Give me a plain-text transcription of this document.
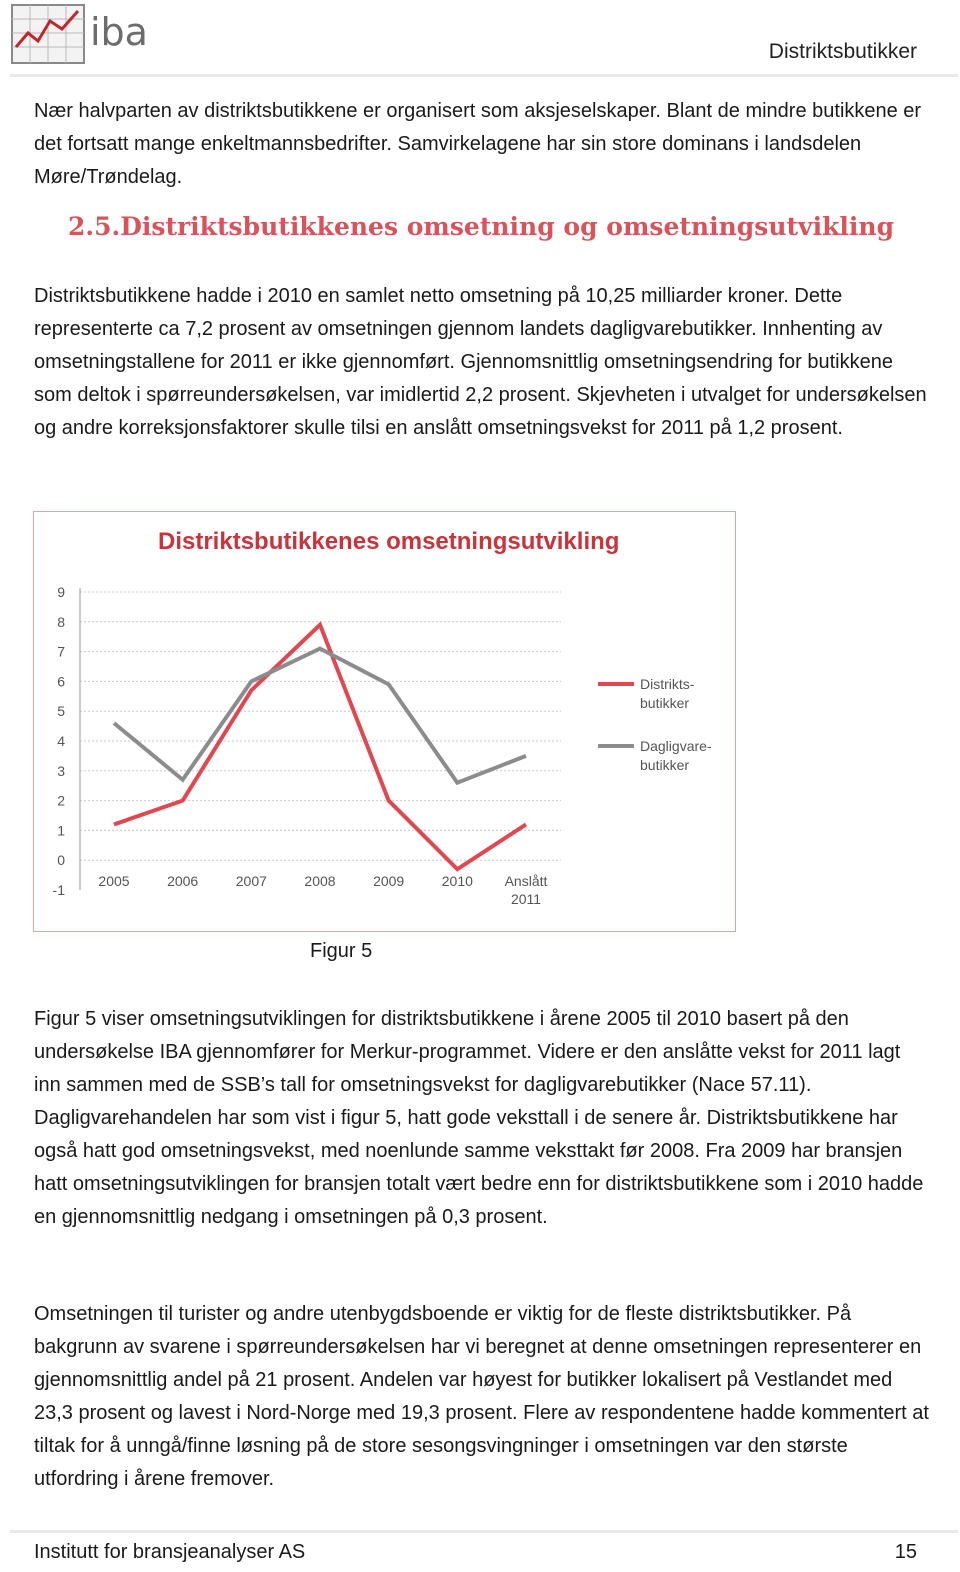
iba	Distriktsbutikker

Nær halvparten av distriktsbutikkene er organisert som aksjeselskaper. Blant de mindre butikkene er det fortsatt mange enkeltmannsbedrifter. Samvirkelagene har sin store dominans i landsdelen Møre/Trøndelag.

2.5.Distriktsbutikkenes omsetning og omsetningsutvikling

Distriktsbutikkene hadde i 2010 en samlet netto omsetning på 10,25 milliarder kroner. Dette representerte ca 7,2 prosent av omsetningen gjennom landets dagligvarebutikker. Innhenting av omsetningstallene for 2011 er ikke gjennomført. Gjennomsnittlig omsetningsendring for butikkene som deltok i spørreundersøkelsen, var imidlertid 2,2 prosent. Skjevheten i utvalget for undersøkelsen og andre korreksjonsfaktorer skulle tilsi en anslått omsetningsvekst for 2011 på 1,2 prosent.

Distriktsbutikkenes omsetningsutvikling
9
8
7
6
5
4
3
2
1
0
-1
2005	2006	2007	2008	2009	2010 Anslått 2011
Distrikts-butikker
Dagligvare-butikker
Figur 5

Figur 5 viser omsetningsutviklingen for distriktsbutikkene i årene 2005 til 2010 basert på den undersøkelse IBA gjennomfører for Merkur-programmet. Videre er den anslåtte vekst for 2011 lagt inn sammen med de SSB’s tall for omsetningsvekst for dagligvarebutikker (Nace 57.11). Dagligvarehandelen har som vist i figur 5, hatt gode veksttall i de senere år. Distriktsbutikkene har også hatt god omsetningsvekst, med noenlunde samme veksttakt før 2008. Fra 2009 har bransjen hatt omsetningsutviklingen for bransjen totalt vært bedre enn for distriktsbutikkene som i 2010 hadde en gjennomsnittlig nedgang i omsetningen på 0,3 prosent.

Omsetningen til turister og andre utenbygdsboende er viktig for de fleste distriktsbutikker. På bakgrunn av svarene i spørreundersøkelsen har vi beregnet at denne omsetningen representerer en gjennomsnittlig andel på 21 prosent. Andelen var høyest for butikker lokalisert på Vestlandet med 23,3 prosent og lavest i Nord-Norge med 19,3 prosent. Flere av respondentene hadde kommentert at tiltak for å unngå/finne løsning på de store sesongsvingninger i omsetningen var den største utfordring i årene fremover.

Institutt for bransjeanalyser AS	15
